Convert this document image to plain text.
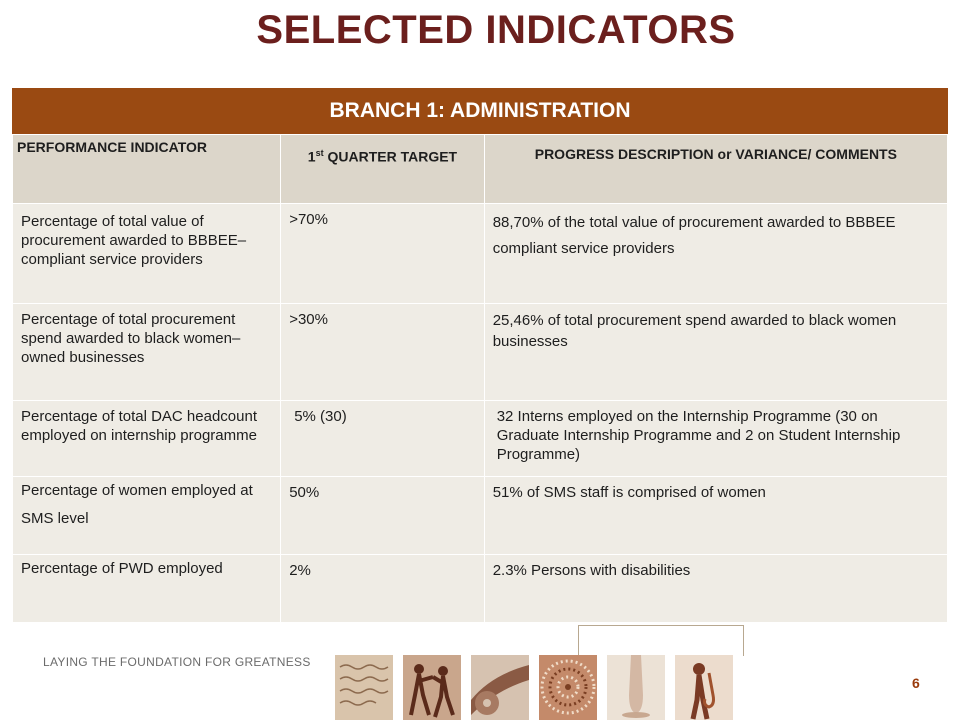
SELECTED INDICATORS
BRANCH 1: ADMINISTRATION
PERFORMANCE INDICATOR	1st QUARTER TARGET	PROGRESS DESCRIPTION or VARIANCE/ COMMENTS
Percentage of total value of procurement awarded to BBBEE–compliant service providers	>70%	88,70% of the total value of procurement awarded to BBBEE compliant service providers
Percentage of total procurement spend awarded to black women–owned businesses	>30%	25,46% of total procurement spend awarded to black women businesses
Percentage of total DAC headcount employed on internship programme	5% (30)	32 Interns employed on the Internship Programme (30 on Graduate Internship Programme and 2 on Student Internship Programme)
Percentage of women employed at SMS level	50%	51% of SMS staff is comprised of women
Percentage of PWD employed	2%	2.3% Persons with disabilities
LAYING THE FOUNDATION FOR GREATNESS
6
